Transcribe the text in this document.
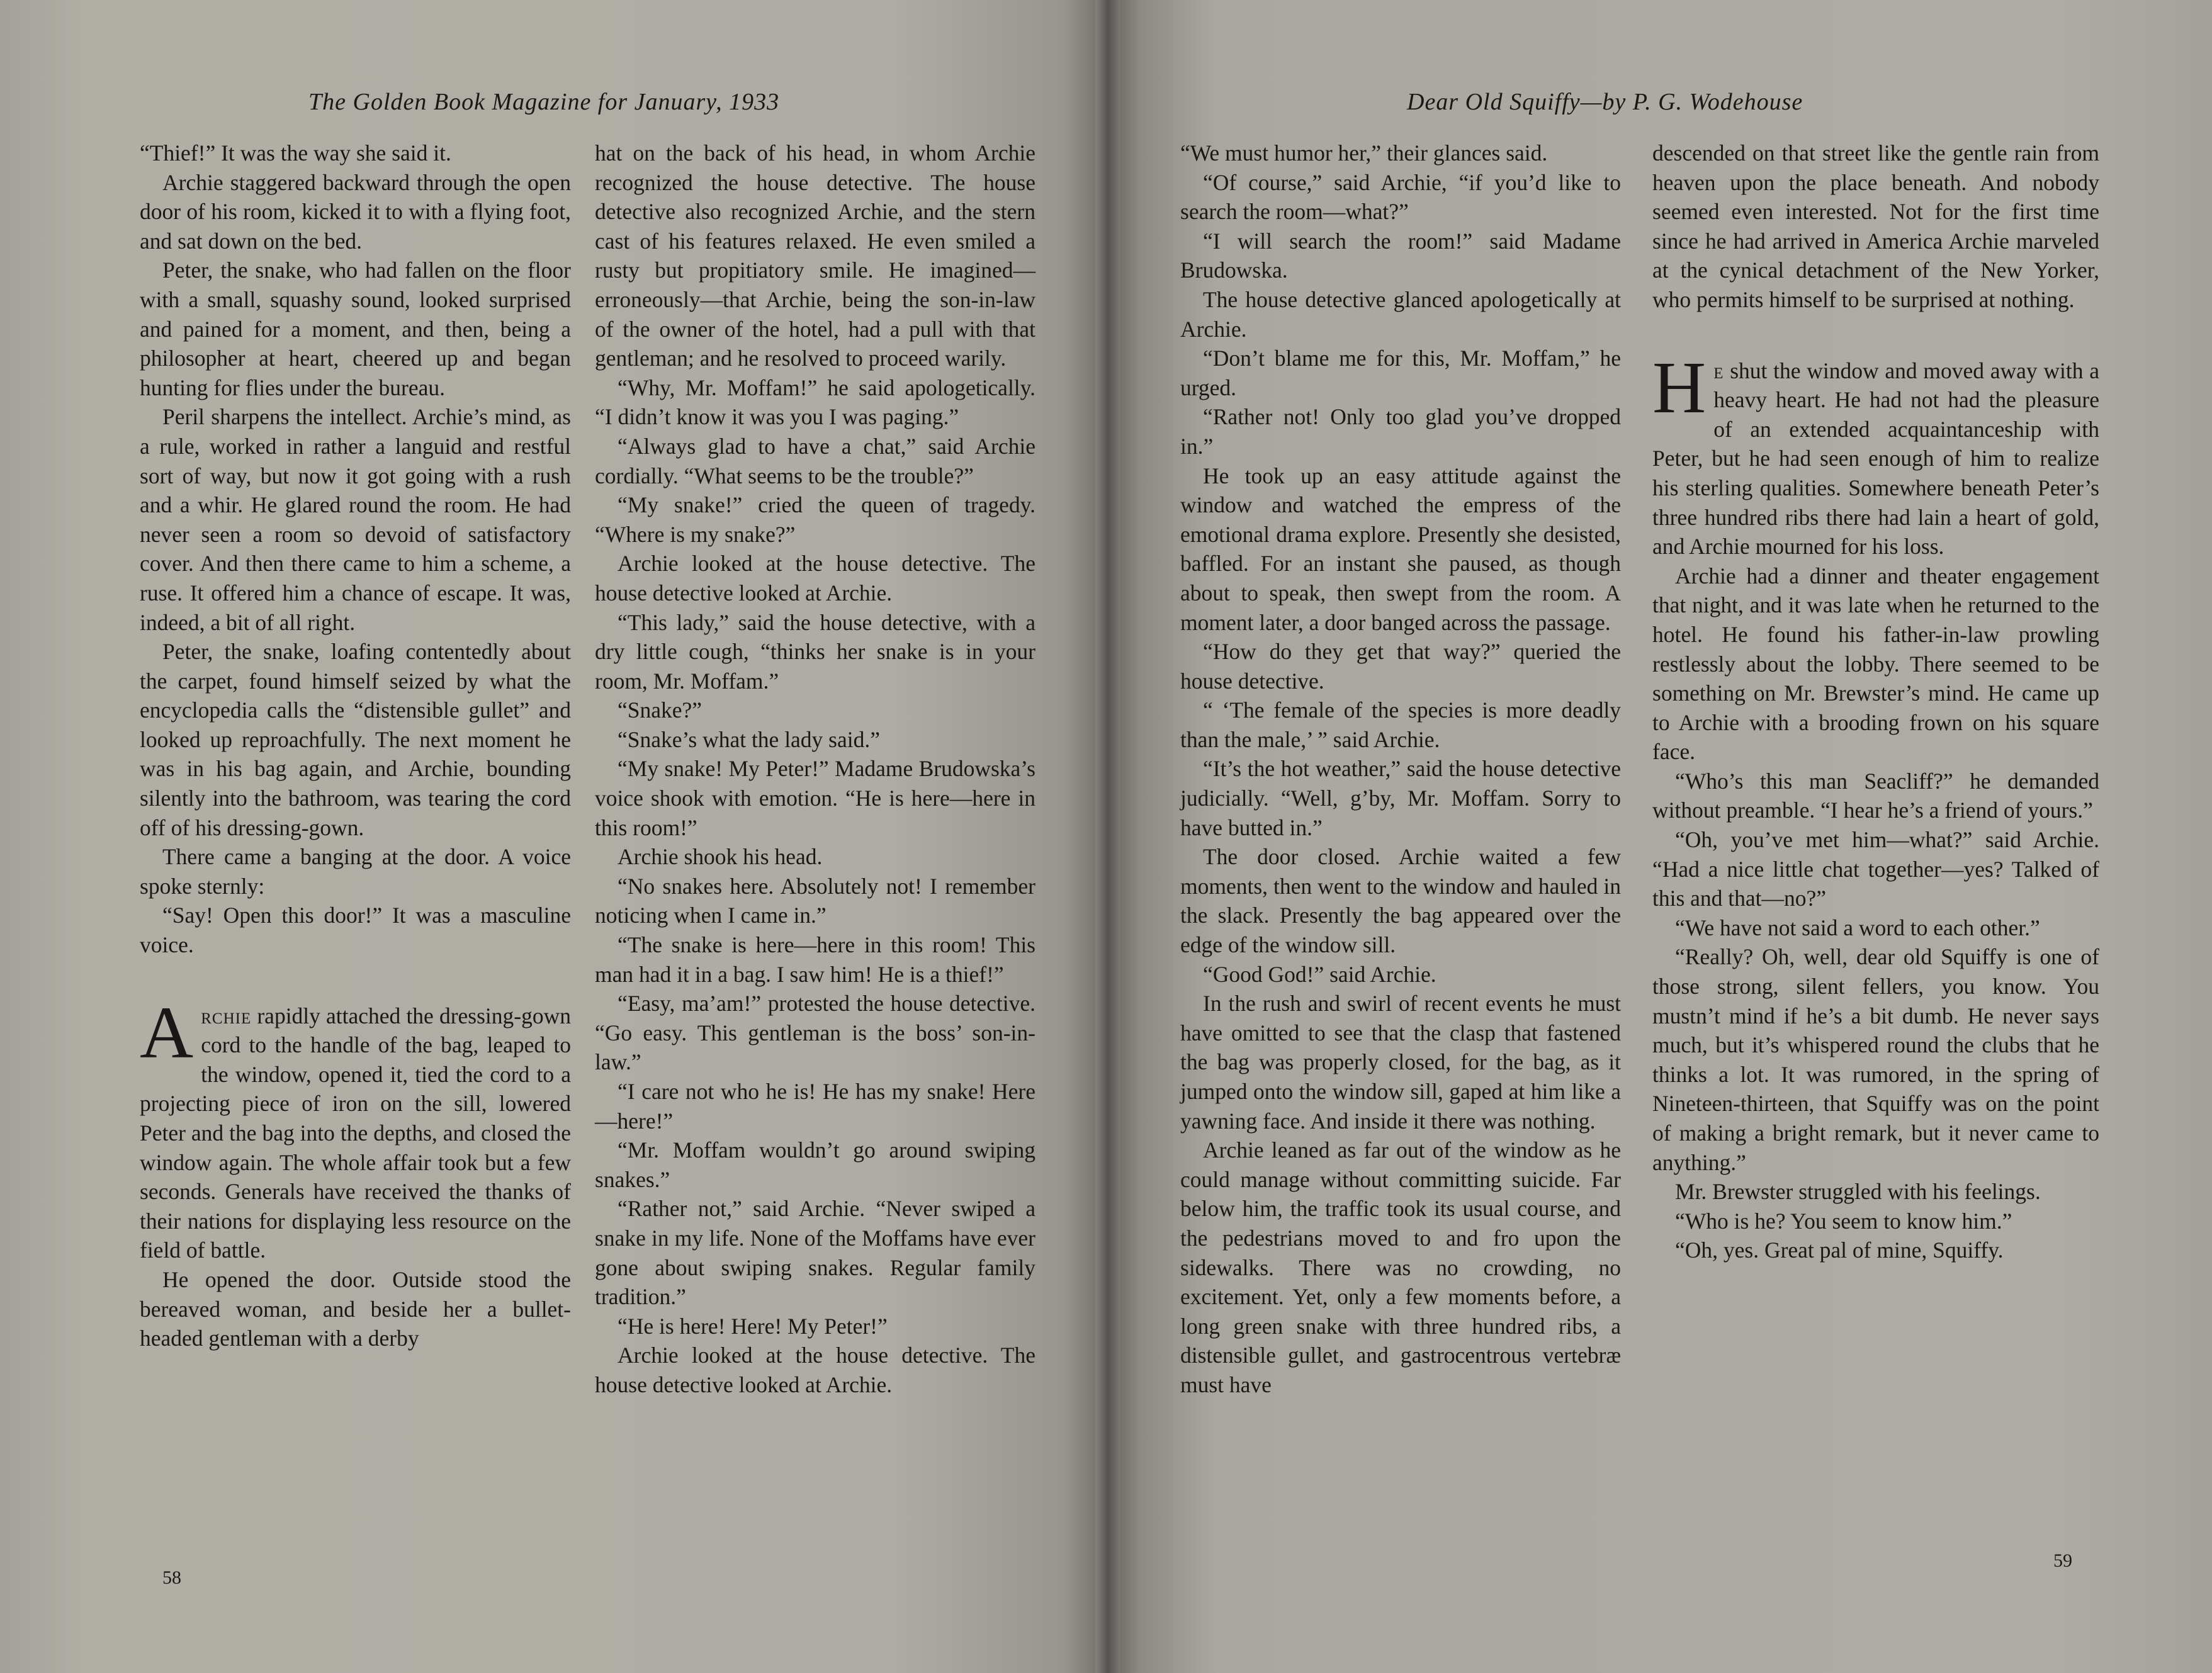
The Golden Book Magazine for January, 1933

“Thief!” It was the way she said it.

Archie staggered backward through the open door of his room, kicked it to with a flying foot, and sat down on the bed.

Peter, the snake, who had fallen on the floor with a small, squashy sound, looked surprised and pained for a moment, and then, being a philosopher at heart, cheered up and began hunting for flies under the bureau.

Peril sharpens the intellect. Archie’s mind, as a rule, worked in rather a languid and restful sort of way, but now it got going with a rush and a whir. He glared round the room. He had never seen a room so devoid of satisfactory cover. And then there came to him a scheme, a ruse. It offered him a chance of escape. It was, indeed, a bit of all right.

Peter, the snake, loafing contentedly about the carpet, found himself seized by what the encyclopedia calls the “distensible gullet” and looked up reproachfully. The next moment he was in his bag again, and Archie, bounding silently into the bathroom, was tearing the cord off of his dressing-gown.

There came a banging at the door. A voice spoke sternly:

“Say! Open this door!” It was a masculine voice.

Archie rapidly attached the dressing-gown cord to the handle of the bag, leaped to the window, opened it, tied the cord to a projecting piece of iron on the sill, lowered Peter and the bag into the depths, and closed the window again. The whole affair took but a few seconds. Generals have received the thanks of their nations for displaying less resource on the field of battle.

He opened the door. Outside stood the bereaved woman, and beside her a bullet-headed gentleman with a derby

hat on the back of his head, in whom Archie recognized the house detective. The house detective also recognized Archie, and the stern cast of his features relaxed. He even smiled a rusty but propitiatory smile. He imagined—erroneously—that Archie, being the son-in-law of the owner of the hotel, had a pull with that gentleman; and he resolved to proceed warily.

“Why, Mr. Moffam!” he said apologetically. “I didn’t know it was you I was paging.”

“Always glad to have a chat,” said Archie cordially. “What seems to be the trouble?”

“My snake!” cried the queen of tragedy. “Where is my snake?”

Archie looked at the house detective. The house detective looked at Archie.

“This lady,” said the house detective, with a dry little cough, “thinks her snake is in your room, Mr. Moffam.”

“Snake?”

“Snake’s what the lady said.”

“My snake! My Peter!” Madame Brudowska’s voice shook with emotion. “He is here—here in this room!”

Archie shook his head.

“No snakes here. Absolutely not! I remember noticing when I came in.”

“The snake is here—here in this room! This man had it in a bag. I saw him! He is a thief!”

“Easy, ma’am!” protested the house detective. “Go easy. This gentleman is the boss’ son-in-law.”

“I care not who he is! He has my snake! Here—here!”

“Mr. Moffam wouldn’t go around swiping snakes.”

“Rather not,” said Archie. “Never swiped a snake in my life. None of the Moffams have ever gone about swiping snakes. Regular family tradition.”

“He is here! Here! My Peter!”

Archie looked at the house detective. The house detective looked at Archie.

58
Dear Old Squiffy—by P. G. Wodehouse

“We must humor her,” their glances said.

“Of course,” said Archie, “if you’d like to search the room—what?”

“I will search the room!” said Madame Brudowska.

The house detective glanced apologetically at Archie.

“Don’t blame me for this, Mr. Moffam,” he urged.

“Rather not! Only too glad you’ve dropped in.”

He took up an easy attitude against the window and watched the empress of the emotional drama explore. Presently she desisted, baffled. For an instant she paused, as though about to speak, then swept from the room. A moment later, a door banged across the passage.

“How do they get that way?” queried the house detective.

“ ‘The female of the species is more deadly than the male,’ ” said Archie.

“It’s the hot weather,” said the house detective judicially. “Well, g’by, Mr. Moffam. Sorry to have butted in.”

The door closed. Archie waited a few moments, then went to the window and hauled in the slack. Presently the bag appeared over the edge of the window sill.

“Good God!” said Archie.

In the rush and swirl of recent events he must have omitted to see that the clasp that fastened the bag was properly closed, for the bag, as it jumped onto the window sill, gaped at him like a yawning face. And inside it there was nothing.

Archie leaned as far out of the window as he could manage without committing suicide. Far below him, the traffic took its usual course, and the pedestrians moved to and fro upon the sidewalks. There was no crowding, no excitement. Yet, only a few moments before, a long green snake with three hundred ribs, a distensible gullet, and gastrocentrous vertebræ must have

descended on that street like the gentle rain from heaven upon the place beneath. And nobody seemed even interested. Not for the first time since he had arrived in America Archie marveled at the cynical detachment of the New Yorker, who permits himself to be surprised at nothing.

He shut the window and moved away with a heavy heart. He had not had the pleasure of an extended acquaintanceship with Peter, but he had seen enough of him to realize his sterling qualities. Somewhere beneath Peter’s three hundred ribs there had lain a heart of gold, and Archie mourned for his loss.

Archie had a dinner and theater engagement that night, and it was late when he returned to the hotel. He found his father-in-law prowling restlessly about the lobby. There seemed to be something on Mr. Brewster’s mind. He came up to Archie with a brooding frown on his square face.

“Who’s this man Seacliff?” he demanded without preamble. “I hear he’s a friend of yours.”

“Oh, you’ve met him—what?” said Archie. “Had a nice little chat together—yes? Talked of this and that—no?”

“We have not said a word to each other.”

“Really? Oh, well, dear old Squiffy is one of those strong, silent fellers, you know. You mustn’t mind if he’s a bit dumb. He never says much, but it’s whispered round the clubs that he thinks a lot. It was rumored, in the spring of Nineteen-thirteen, that Squiffy was on the point of making a bright remark, but it never came to anything.”

Mr. Brewster struggled with his feelings.

“Who is he? You seem to know him.”

“Oh, yes. Great pal of mine, Squiffy.

59
